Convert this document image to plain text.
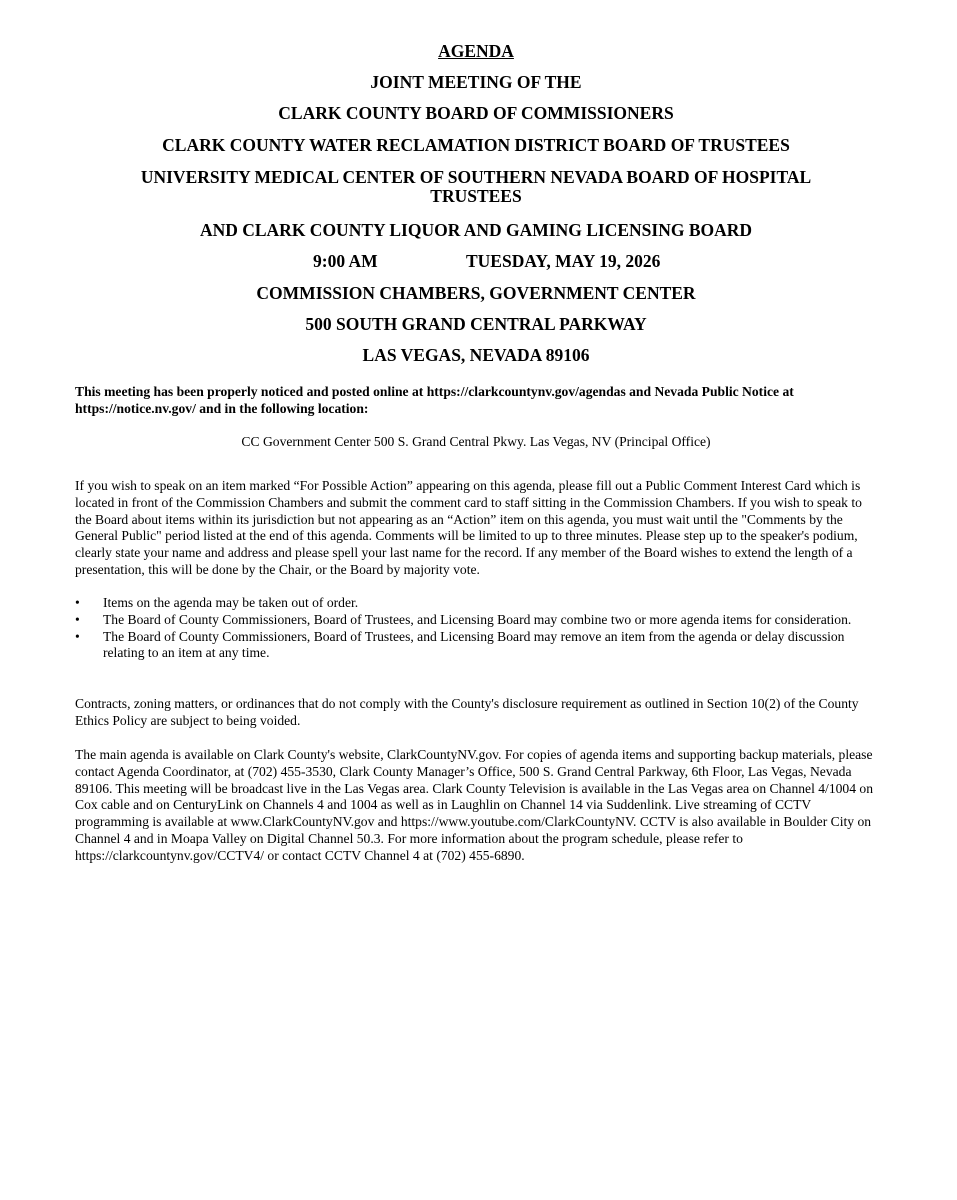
AGENDA
JOINT MEETING OF THE
CLARK COUNTY BOARD OF COMMISSIONERS
CLARK COUNTY WATER RECLAMATION DISTRICT BOARD OF TRUSTEES
UNIVERSITY MEDICAL CENTER OF SOUTHERN NEVADA BOARD OF HOSPITAL TRUSTEES
AND CLARK COUNTY LIQUOR AND GAMING LICENSING BOARD
9:00 AM	TUESDAY, MAY 19, 2026
COMMISSION CHAMBERS, GOVERNMENT CENTER
500 SOUTH GRAND CENTRAL PARKWAY
LAS VEGAS, NEVADA 89106
This meeting has been properly noticed and posted online at https://clarkcountynv.gov/agendas and Nevada Public Notice at https://notice.nv.gov/ and in the following location:
CC Government Center 500 S. Grand Central Pkwy. Las Vegas, NV (Principal Office)
If you wish to speak on an item marked “For Possible Action” appearing on this agenda, please fill out a Public Comment Interest Card which is located in front of the Commission Chambers and submit the comment card to staff sitting in the Commission Chambers. If you wish to speak to the Board about items within its jurisdiction but not appearing as an “Action” item on this agenda, you must wait until the "Comments by the General Public" period listed at the end of this agenda. Comments will be limited to up to three minutes. Please step up to the speaker's podium, clearly state your name and address and please spell your last name for the record. If any member of the Board wishes to extend the length of a presentation, this will be done by the Chair, or the Board by majority vote.
• Items on the agenda may be taken out of order.
• The Board of County Commissioners, Board of Trustees, and Licensing Board may combine two or more agenda items for consideration.
• The Board of County Commissioners, Board of Trustees, and Licensing Board may remove an item from the agenda or delay discussion relating to an item at any time.
Contracts, zoning matters, or ordinances that do not comply with the County's disclosure requirement as outlined in Section 10(2) of the County Ethics Policy are subject to being voided.
The main agenda is available on Clark County's website, ClarkCountyNV.gov. For copies of agenda items and supporting backup materials, please contact Agenda Coordinator, at (702) 455-3530, Clark County Manager’s Office, 500 S. Grand Central Parkway, 6th Floor, Las Vegas, Nevada 89106. This meeting will be broadcast live in the Las Vegas area. Clark County Television is available in the Las Vegas area on Channel 4/1004 on Cox cable and on CenturyLink on Channels 4 and 1004 as well as in Laughlin on Channel 14 via Suddenlink. Live streaming of CCTV programming is available at www.ClarkCountyNV.gov and https://www.youtube.com/ClarkCountyNV. CCTV is also available in Boulder City on Channel 4 and in Moapa Valley on Digital Channel 50.3. For more information about the program schedule, please refer to https://clarkcountynv.gov/CCTV4/ or contact CCTV Channel 4 at (702) 455-6890.
